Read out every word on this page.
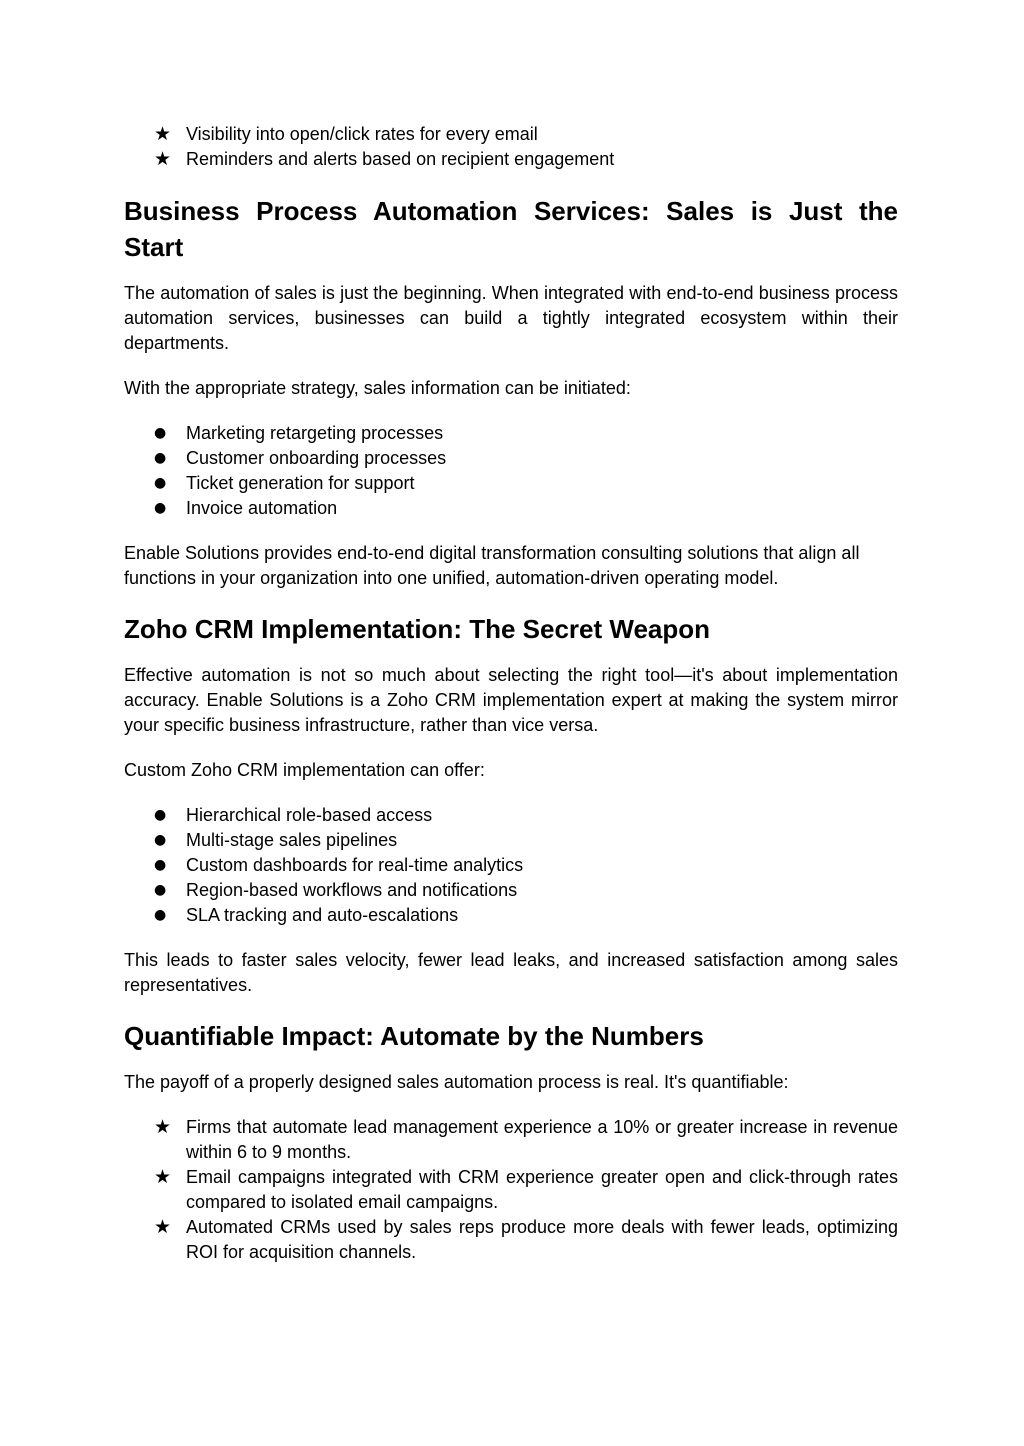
★ Visibility into open/click rates for every email
★ Reminders and alerts based on recipient engagement
Business Process Automation Services: Sales is Just the Start

The automation of sales is just the beginning. When integrated with end-to-end business process automation services, businesses can build a tightly integrated ecosystem within their departments.

With the appropriate strategy, sales information can be initiated:

●	Marketing retargeting processes
●	Customer onboarding processes
●	Ticket generation for support
●	Invoice automation

Enable Solutions provides end-to-end digital transformation consulting solutions that align all functions in your organization into one unified, automation-driven operating model.

Zoho CRM Implementation: The Secret Weapon

Effective automation is not so much about selecting the right tool—it's about implementation accuracy. Enable Solutions is a Zoho CRM implementation expert at making the system mirror your specific business infrastructure, rather than vice versa.

Custom Zoho CRM implementation can offer:

●	Hierarchical role-based access
●	Multi-stage sales pipelines
●	Custom dashboards for real-time analytics
●	Region-based workflows and notifications
●	SLA tracking and auto-escalations

This leads to faster sales velocity, fewer lead leaks, and increased satisfaction among sales representatives.

Quantifiable Impact: Automate by the Numbers

The payoff of a properly designed sales automation process is real. It's quantifiable:

★ Firms that automate lead management experience a 10% or greater increase in revenue within 6 to 9 months.
★ Email campaigns integrated with CRM experience greater open and click-through rates compared to isolated email campaigns.
★ Automated CRMs used by sales reps produce more deals with fewer leads, optimizing ROI for acquisition channels.
